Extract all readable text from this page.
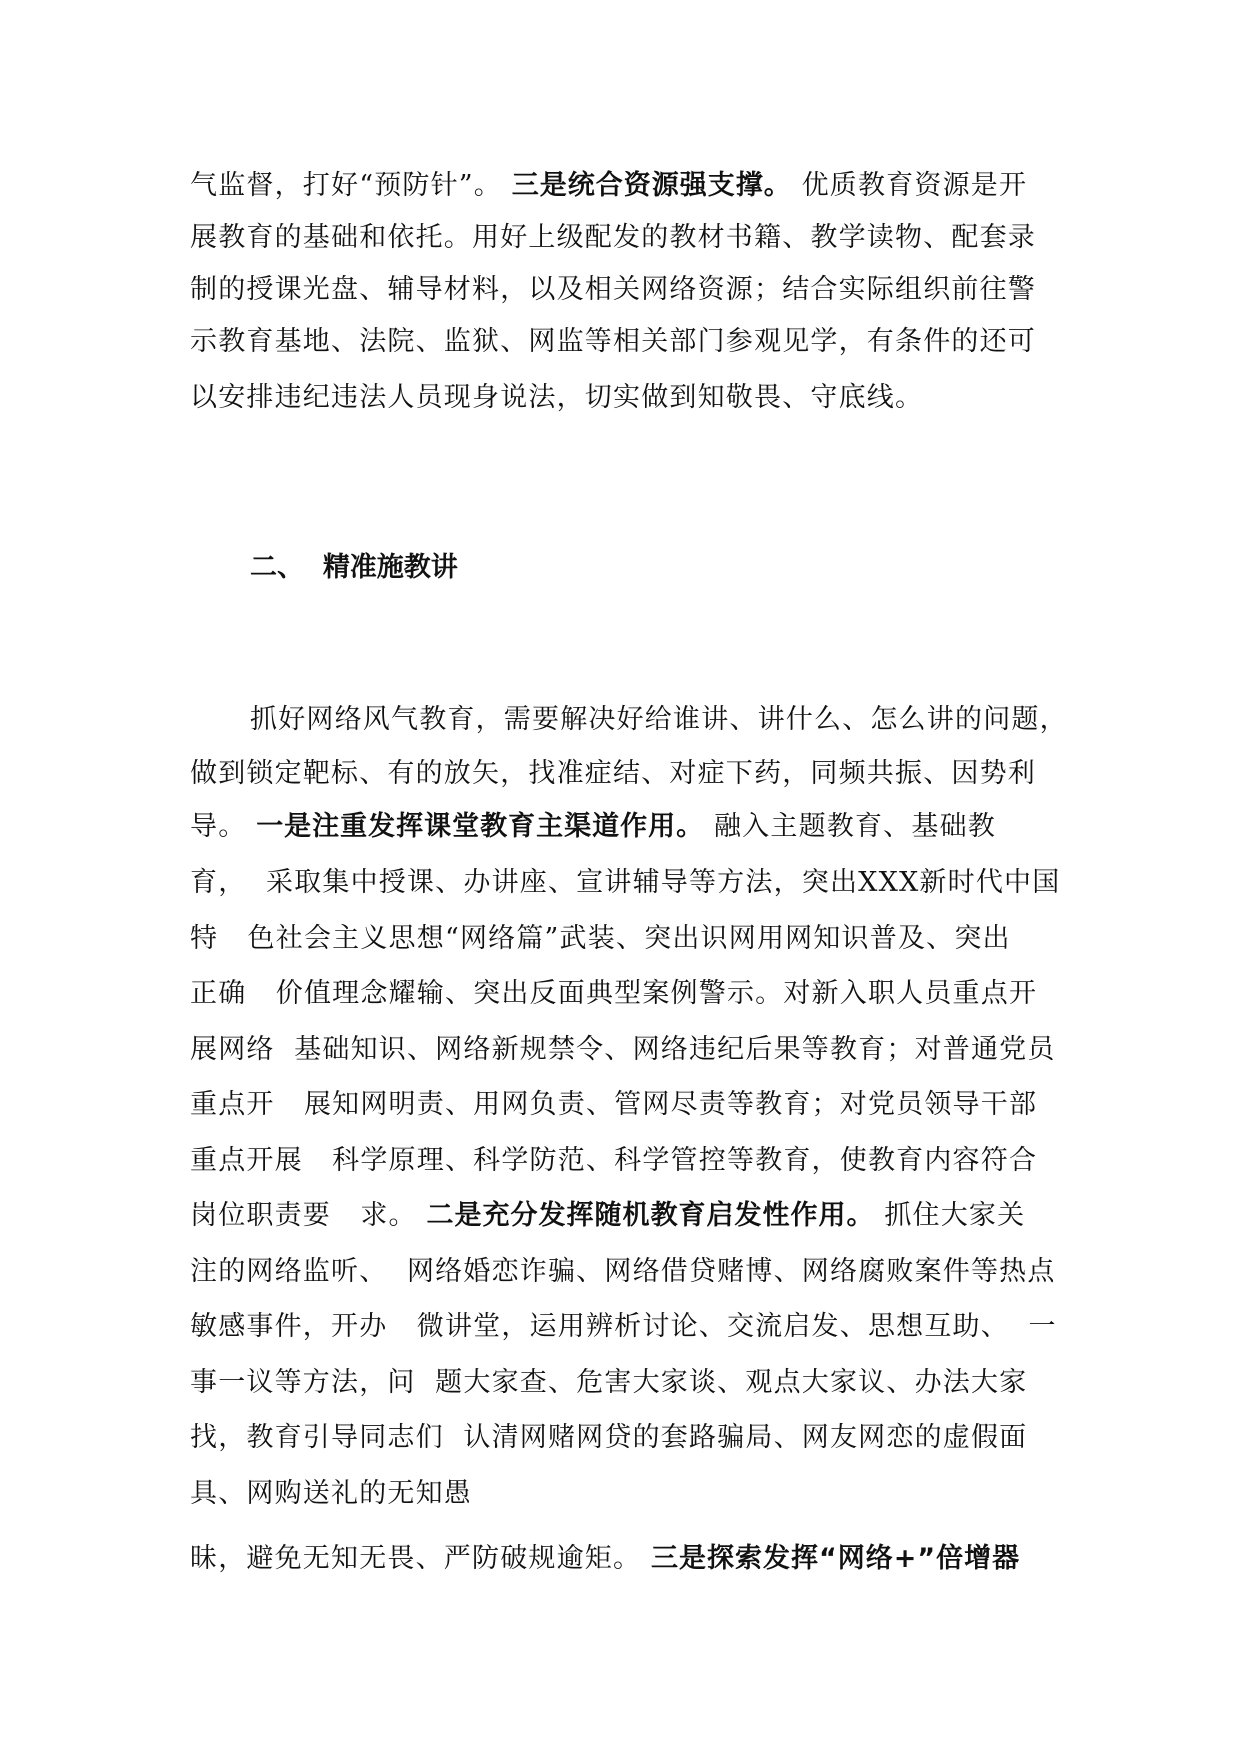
气监督，打好“预防针”。 三是统合资源强支撑。 优质教育资源是开
展教育的基础和依托。用好上级配发的教材书籍、教学读物、配套录
制的授课光盘、辅导材料，以及相关网络资源；结合实际组织前往警
示教育基地、法院、监狱、网监等相关部门参观见学，有条件的还可
以安排违纪违法人员现身说法，切实做到知敬畏、守底线。
二、 精准施教讲
抓好网络风气教育，需要解决好给谁讲、讲什么、怎么讲的问题，
做到锁定靶标、有的放矢，找准症结、对症下药，同频共振、因势利
导。 一是注重发挥课堂教育主渠道作用。 融入主题教育、基础教
育，  采取集中授课、办讲座、宣讲辅导等方法，突出XXX新时代中国
特   色社会主义思想“网络篇”武装、突出识网用网知识普及、突出
正确   价值理念耀输、突出反面典型案例警示。对新入职人员重点开
展网络  基础知识、网络新规禁令、网络违纪后果等教育；对普通党员
重点开   展知网明责、用网负责、管网尽责等教育；对党员领导干部
重点开展   科学原理、科学防范、科学管控等教育，使教育内容符合
岗位职责要   求。 二是充分发挥随机教育启发性作用。 抓住大家关
注的网络监听、  网络婚恋诈骗、网络借贷赌博、网络腐败案件等热点
敏感事件，开办   微讲堂，运用辨析讨论、交流启发、思想互助、  一
事一议等方法，问  题大家查、危害大家谈、观点大家议、办法大家
找，教育引导同志们  认清网赌网贷的套路骗局、网友网恋的虚假面
具、网购送礼的无知愚
昧，避免无知无畏、严防破规逾矩。 三是探索发挥“网络+”倍增器
